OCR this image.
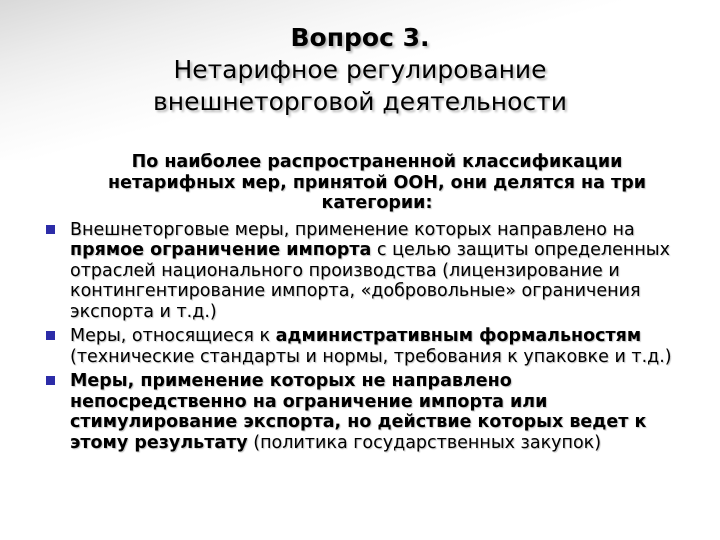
Вопрос 3.
Нетарифное регулирование
внешнеторговой деятельности
По наиболее распространенной классификации нетарифных мер, принятой ООН, они делятся на три категории:
Внешнеторговые меры, применение которых направлено на прямое ограничение импорта с целью защиты определенных отраслей национального производства (лицензирование и контингентирование импорта, «добровольные» ограничения экспорта и т.д.)
Меры, относящиеся к административным формальностям (технические стандарты и нормы, требования к упаковке и т.д.)
Меры, применение которых не направлено непосредственно на ограничение импорта или стимулирование экспорта, но действие которых ведет к этому результату (политика государственных закупок)
